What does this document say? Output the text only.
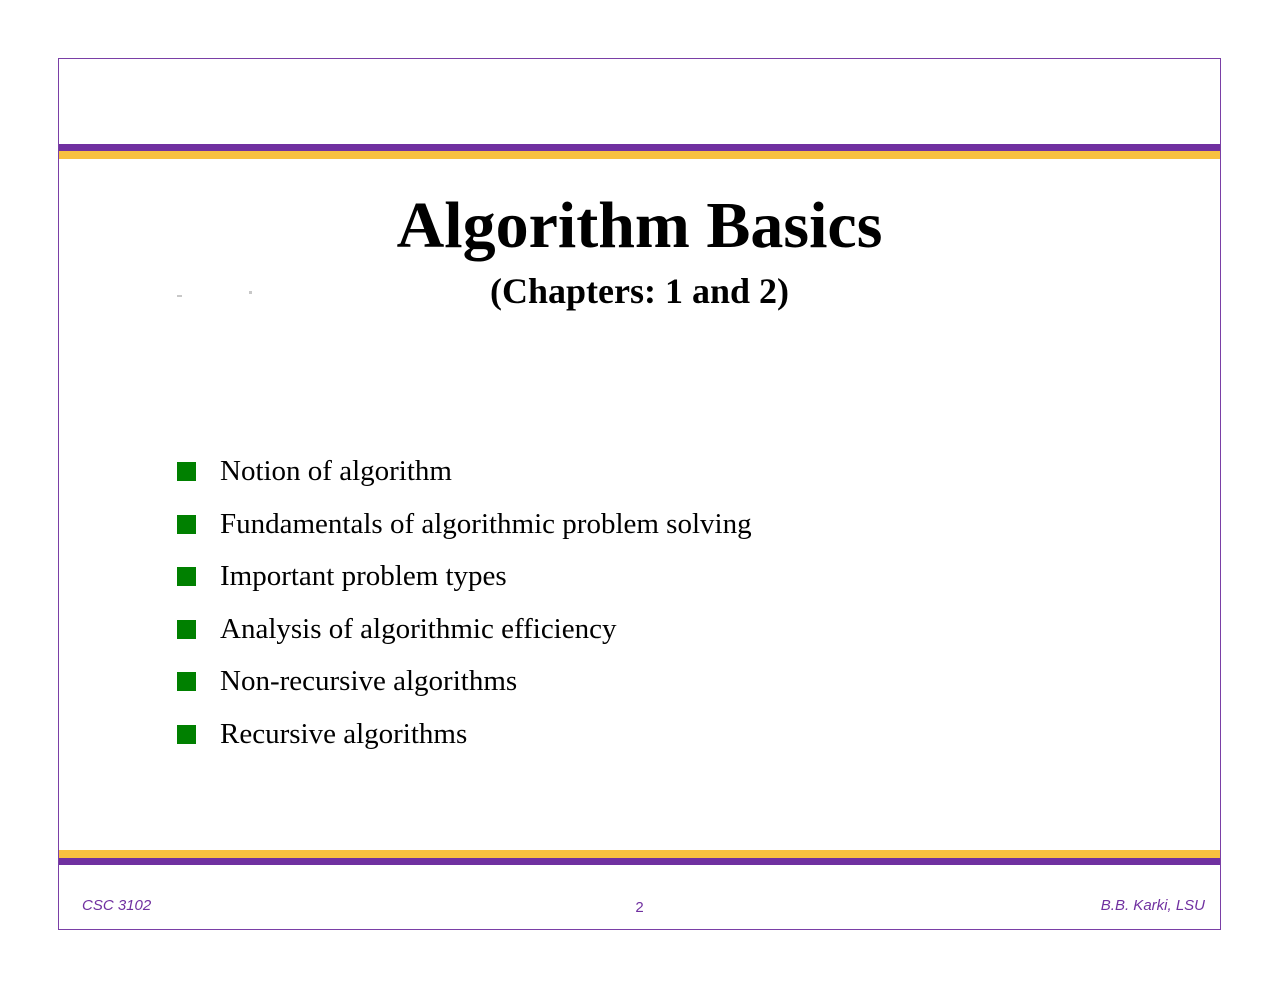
Algorithm Basics
(Chapters: 1 and 2)
Notion of algorithm
Fundamentals of algorithmic problem solving
Important problem types
Analysis of algorithmic efficiency
Non-recursive algorithms
Recursive algorithms
CSC 3102	2	B.B. Karki, LSU
